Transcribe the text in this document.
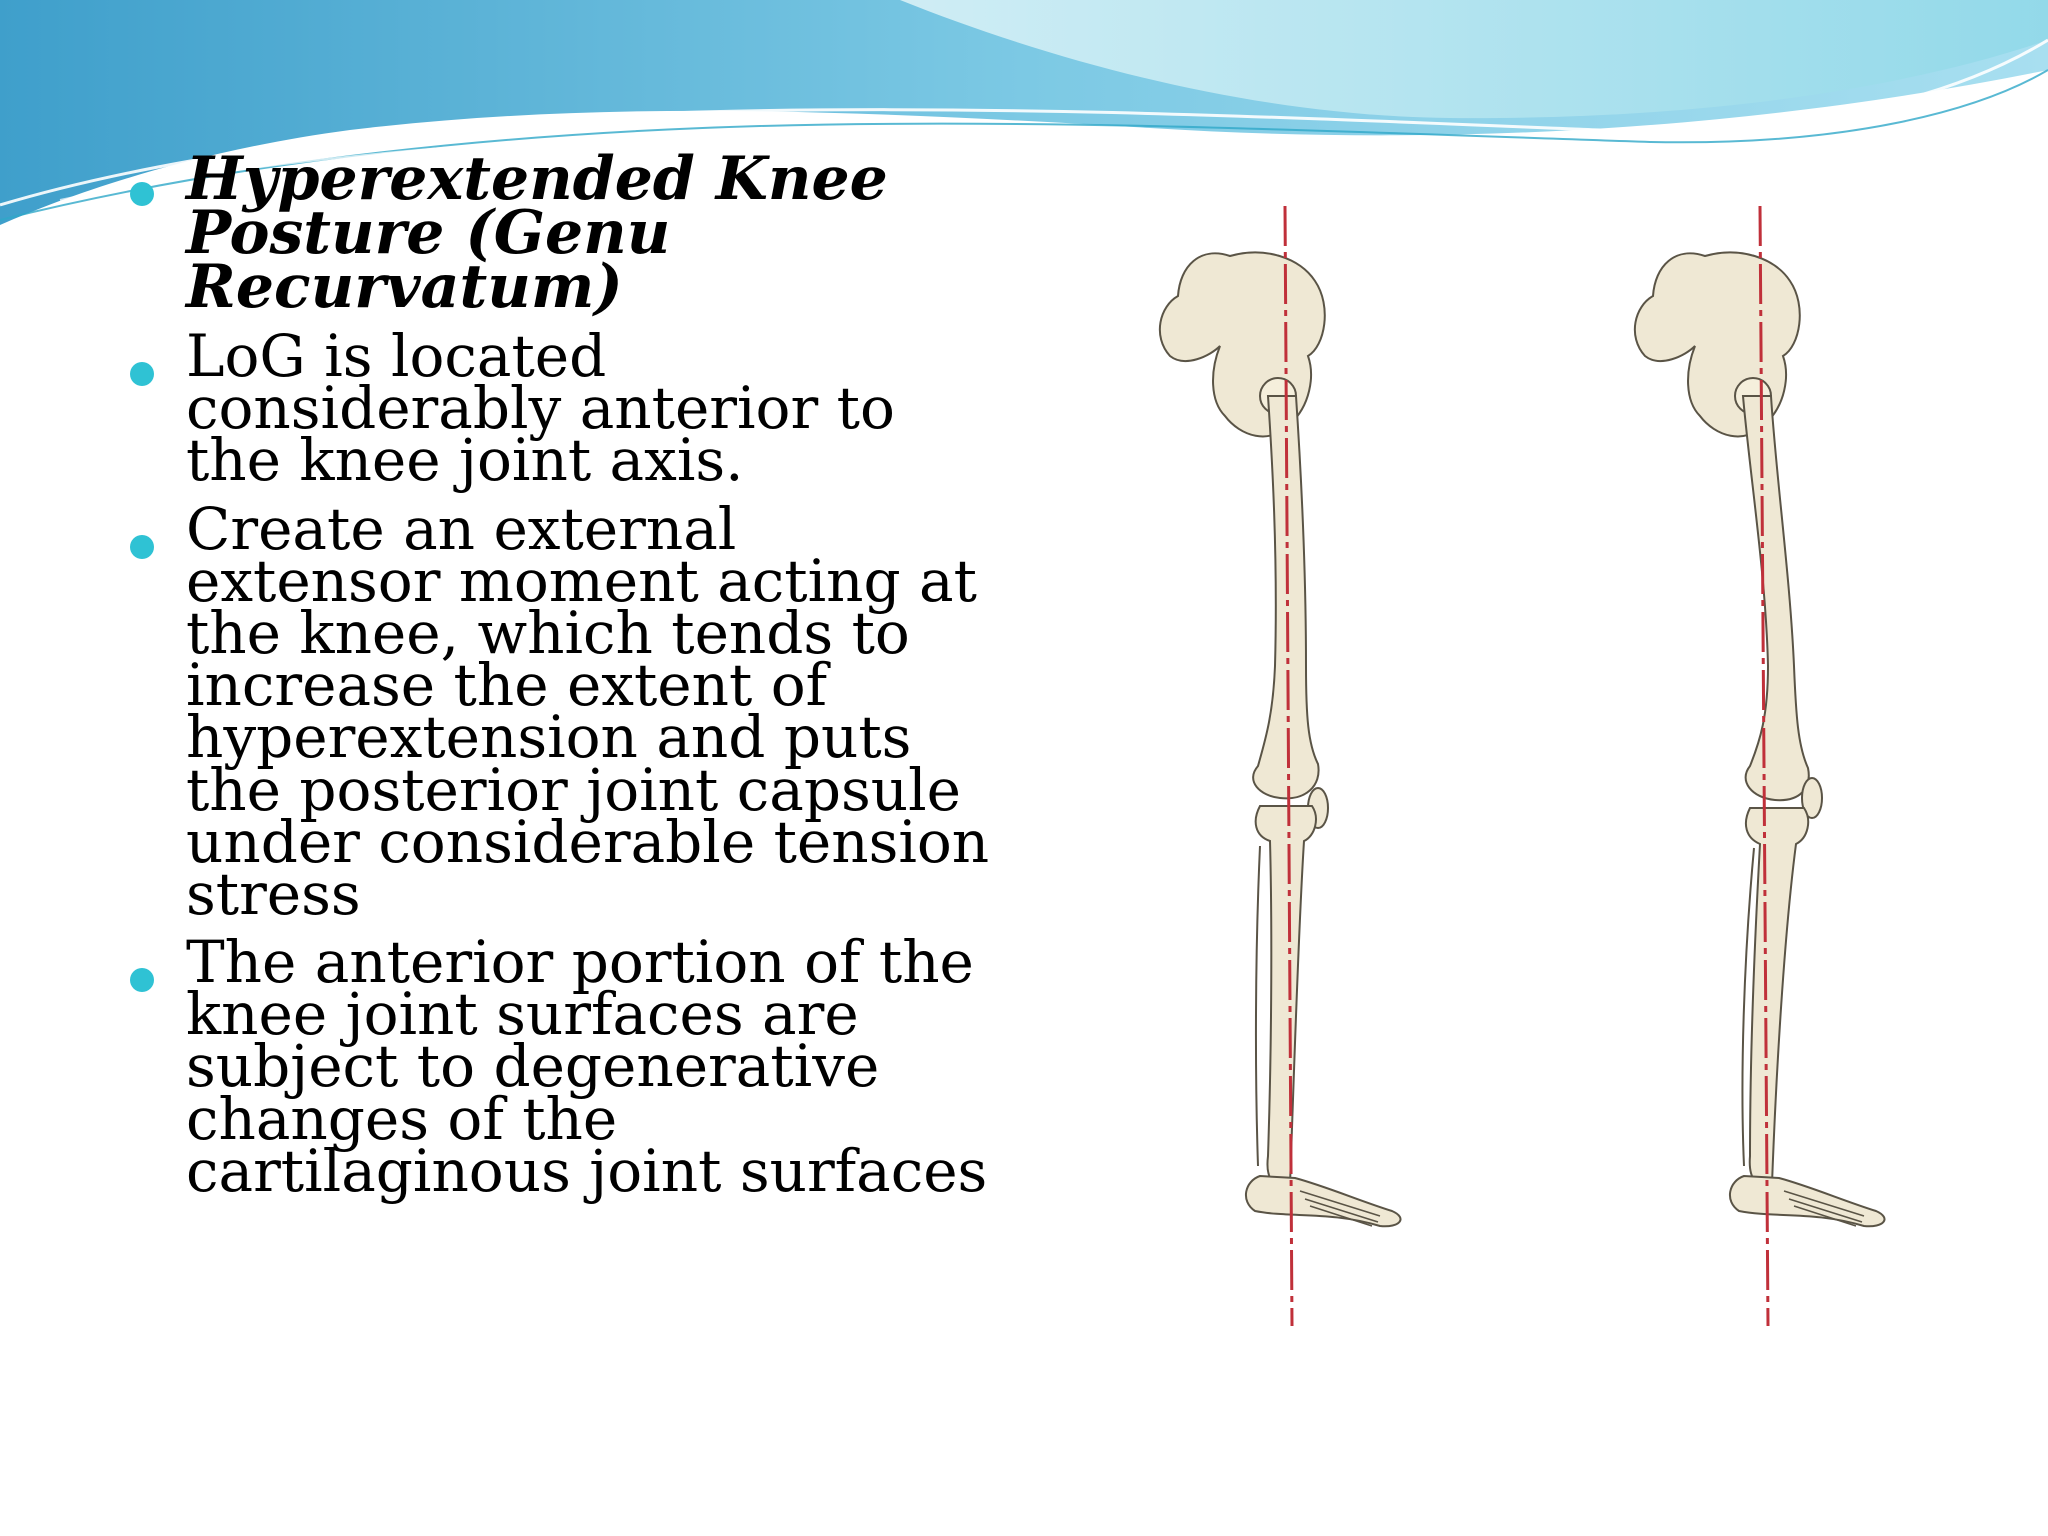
Hyperextended Knee
Posture (Genu
Recurvatum)
LoG is located
considerably anterior to
the knee joint axis.
Create an external
extensor moment acting at
the knee, which tends to
increase the extent of
hyperextension and puts
the posterior joint capsule
under considerable tension
stress
The anterior portion of the
knee joint surfaces are
subject to degenerative
changes of the
cartilaginous joint surfaces
